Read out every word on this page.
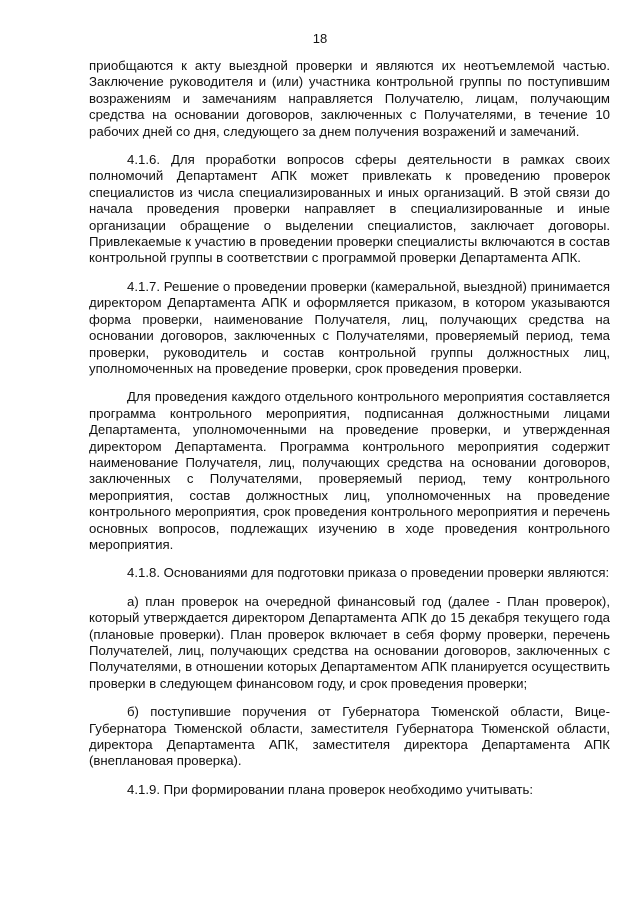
18

приобщаются к акту выездной проверки и являются их неотъемлемой частью. Заключение руководителя и (или) участника контрольной группы по поступившим возражениям и замечаниям направляется Получателю, лицам, получающим средства на основании договоров, заключенных с Получателями, в течение 10 рабочих дней со дня, следующего за днем получения возражений и замечаний.

4.1.6. Для проработки вопросов сферы деятельности в рамках своих полномочий Департамент АПК может привлекать к проведению проверок специалистов из числа специализированных и иных организаций. В этой связи до начала проведения проверки направляет в специализированные и иные организации обращение о выделении специалистов, заключает договоры. Привлекаемые к участию в проведении проверки специалисты включаются в состав контрольной группы в соответствии с программой проверки Департамента АПК.

4.1.7. Решение о проведении проверки (камеральной, выездной) принимается директором Департамента АПК и оформляется приказом, в котором указываются форма проверки, наименование Получателя, лиц, получающих средства на основании договоров, заключенных с Получателями, проверяемый период, тема проверки, руководитель и состав контрольной группы должностных лиц, уполномоченных на проведение проверки, срок проведения проверки.

Для проведения каждого отдельного контрольного мероприятия составляется программа контрольного мероприятия, подписанная должностными лицами Департамента, уполномоченными на проведение проверки, и утвержденная директором Департамента. Программа контрольного мероприятия содержит наименование Получателя, лиц, получающих средства на основании договоров, заключенных с Получателями, проверяемый период, тему контрольного мероприятия, состав должностных лиц, уполномоченных на проведение контрольного мероприятия, срок проведения контрольного мероприятия и перечень основных вопросов, подлежащих изучению в ходе проведения контрольного мероприятия.

4.1.8. Основаниями для подготовки приказа о проведении проверки являются:

а) план проверок на очередной финансовый год (далее - План проверок), который утверждается директором Департамента АПК до 15 декабря текущего года (плановые проверки). План проверок включает в себя форму проверки, перечень Получателей, лиц, получающих средства на основании договоров, заключенных с Получателями, в отношении которых Департаментом АПК планируется осуществить проверки в следующем финансовом году, и срок проведения проверки;

б) поступившие поручения от Губернатора Тюменской области, Вице-Губернатора Тюменской области, заместителя Губернатора Тюменской области, директора Департамента АПК, заместителя директора Департамента АПК (внеплановая проверка).

4.1.9. При формировании плана проверок необходимо учитывать:
